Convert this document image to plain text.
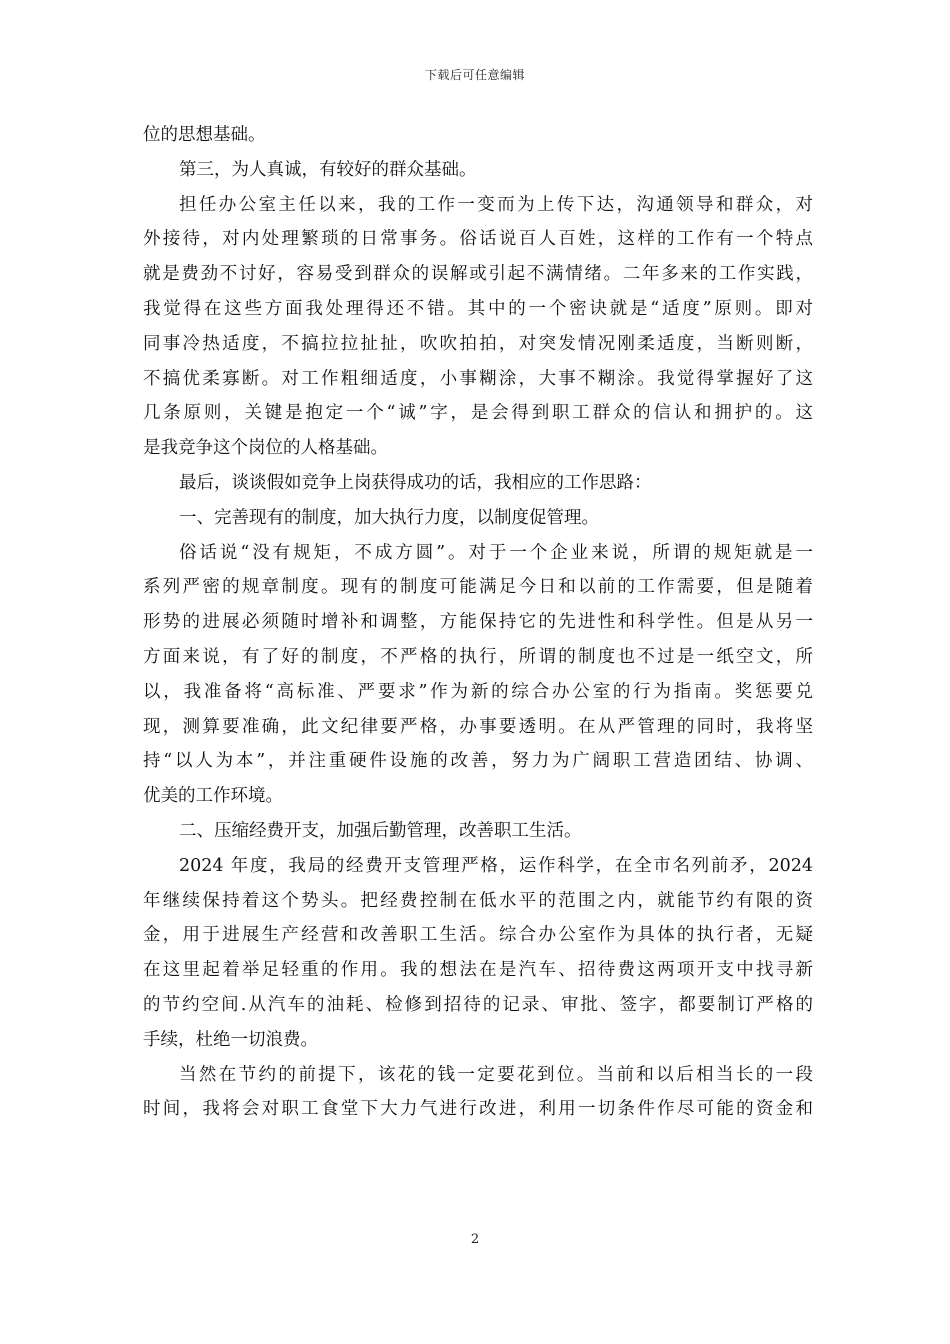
下载后可任意编辑
位的思想基础。
第三，为人真诚，有较好的群众基础。
担任办公室主任以来，我的工作一变而为上传下达，沟通领导和群众，对
外接待，对内处理繁琐的日常事务。俗话说百人百姓，这样的工作有一个特点
就是费劲不讨好，容易受到群众的误解或引起不满情绪。二年多来的工作实践，
我觉得在这些方面我处理得还不错。其中的一个密诀就是“适度”原则。即对
同事冷热适度，不搞拉拉扯扯，吹吹拍拍，对突发情况刚柔适度，当断则断，
不搞优柔寡断。对工作粗细适度，小事糊涂，大事不糊涂。我觉得掌握好了这
几条原则，关键是抱定一个“诚”字，是会得到职工群众的信认和拥护的。这
是我竞争这个岗位的人格基础。
最后，谈谈假如竞争上岗获得成功的话，我相应的工作思路：
一、完善现有的制度，加大执行力度，以制度促管理。
俗话说“没有规矩，不成方圆”。对于一个企业来说，所谓的规矩就是一
系列严密的规章制度。现有的制度可能满足今日和以前的工作需要，但是随着
形势的进展必须随时增补和调整，方能保持它的先进性和科学性。但是从另一
方面来说，有了好的制度，不严格的执行，所谓的制度也不过是一纸空文，所
以，我准备将“高标准、严要求”作为新的综合办公室的行为指南。奖惩要兑
现，测算要准确，此文纪律要严格，办事要透明。在从严管理的同时，我将坚
持“以人为本”，并注重硬件设施的改善，努力为广阔职工营造团结、协调、
优美的工作环境。
二、压缩经费开支，加强后勤管理，改善职工生活。
2024 年度，我局的经费开支管理严格，运作科学，在全市名列前矛，2024
年继续保持着这个势头。把经费控制在低水平的范围之内，就能节约有限的资
金，用于进展生产经营和改善职工生活。综合办公室作为具体的执行者，无疑
在这里起着举足轻重的作用。我的想法在是汽车、招待费这两项开支中找寻新
的节约空间.从汽车的油耗、检修到招待的记录、审批、签字，都要制订严格的
手续，杜绝一切浪费。
当然在节约的前提下，该花的钱一定要花到位。当前和以后相当长的一段
时间，我将会对职工食堂下大力气进行改进，利用一切条件作尽可能的资金和
2
